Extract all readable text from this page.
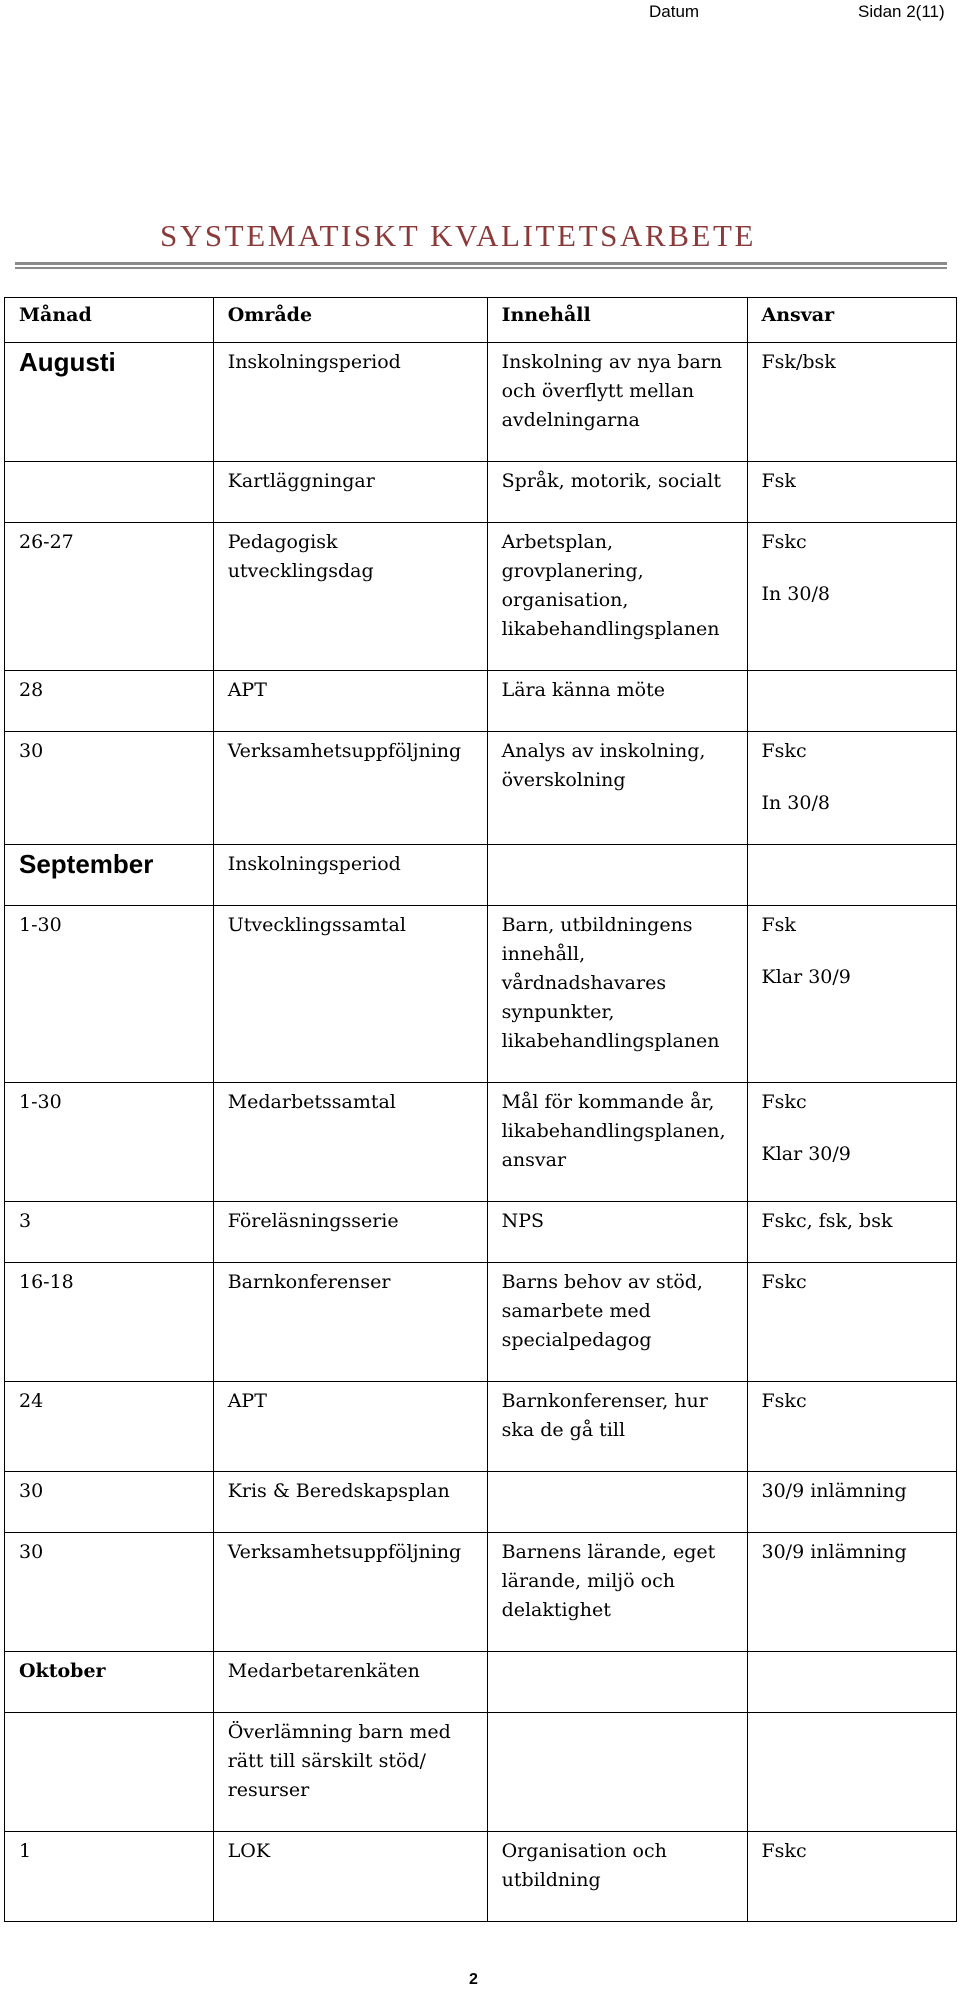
Datum	Sidan 2(11)
SYSTEMATISKT KVALITETSARBETE
Månad	Område	Innehåll	Ansvar
Augusti	Inskolningsperiod	Inskolning av nya barn
och överflytt mellan
avdelningarna	Fsk/bsk

	Kartläggningar	Språk, motorik, socialt	Fsk

26-27	Pedagogisk utvecklingsdag	Arbetsplan,
grovplanering,
organisation,
likabehandlingsplanen	Fskc
In 30/8

28	APT	Lära känna möte	

30	Verksamhetsuppföljning	Analys av inskolning,
överskolning	Fskc
In 30/8

September	Inskolningsperiod		
1-30	Utvecklingssamtal	Barn, utbildningens
innehåll,
vårdnadshavares
synpunkter,
likabehandlingsplanen	Fsk
Klar 30/9

1-30	Medarbetssamtal	Mål för kommande år,
likabehandlingsplanen,
ansvar	Fskc
Klar 30/9

3	Föreläsningsserie	NPS	Fskc, fsk, bsk

16-18	Barnkonferenser	Barns behov av stöd,
samarbete med
specialpedagog	Fskc

24	APT	Barnkonferenser, hur
ska de gå till	Fskc

30	Kris & Beredskapsplan		30/9 inlämning

30	Verksamhetsuppföljning	Barnens lärande, eget
lärande, miljö och
delaktighet	30/9 inlämning

Oktober	Medarbetarenkäten		

	Överlämning barn med
rätt till särskilt stöd/
resurser		

1	LOK	Organisation och
utbildning	Fskc
2
